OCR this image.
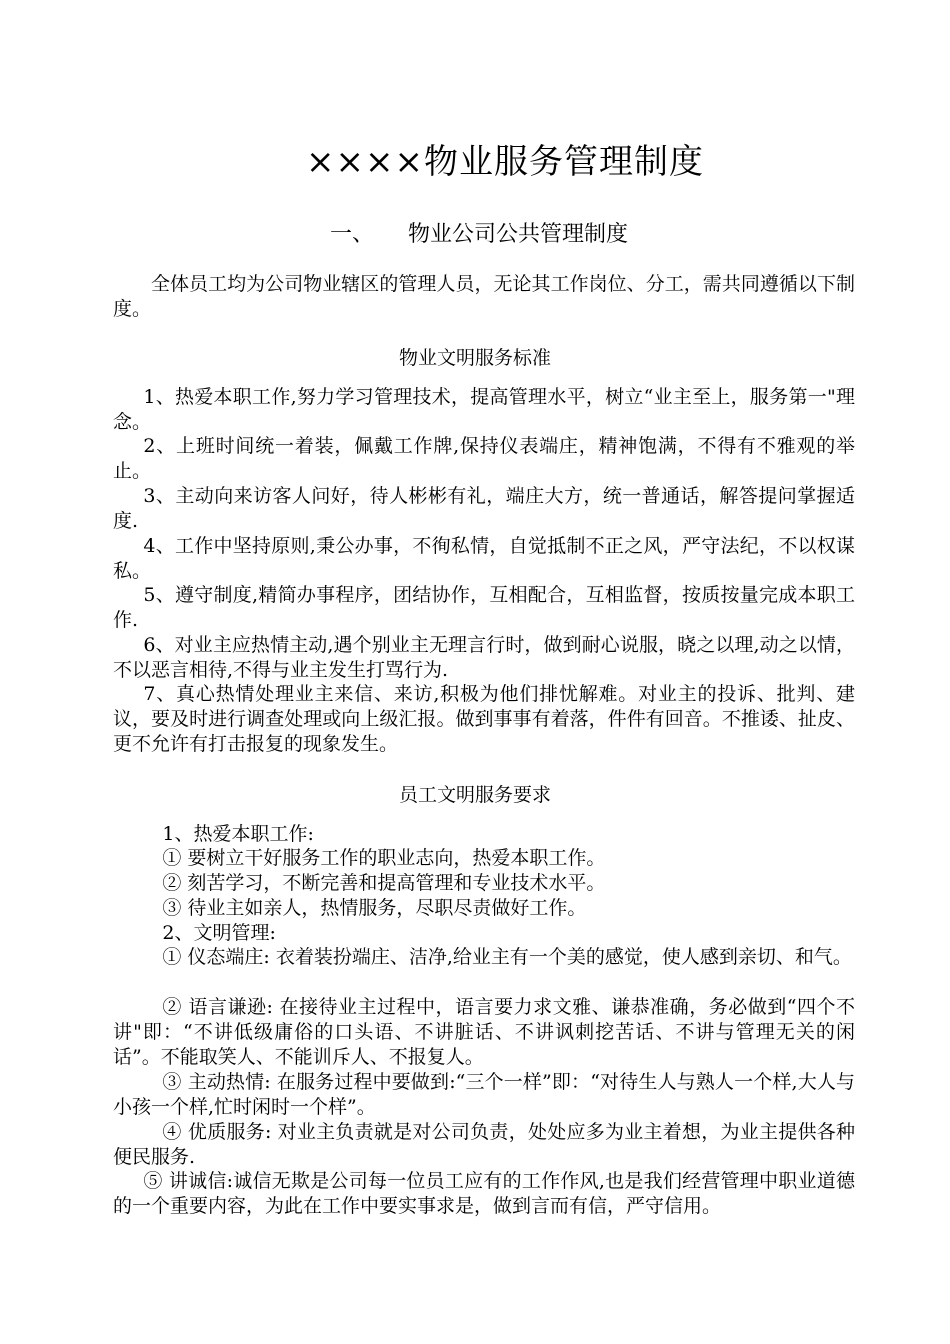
××××物业服务管理制度
一、 物业公司公共管理制度

全体员工均为公司物业辖区的管理人员，无论其工作岗位、分工，需共同遵循以下制度。

物业文明服务标准

1、热爱本职工作,努力学习管理技术，提高管理水平，树立“业主至上，服务第一"理念。

2、上班时间统一着装，佩戴工作牌,保持仪表端庄，精神饱满，不得有不雅观的举止。

3、主动向来访客人问好，待人彬彬有礼，端庄大方，统一普通话，解答提问掌握适度.

4、工作中坚持原则,秉公办事，不徇私情，自觉抵制不正之风，严守法纪，不以权谋私。

5、遵守制度,精简办事程序，团结协作，互相配合，互相监督，按质按量完成本职工作.

6、对业主应热情主动,遇个别业主无理言行时，做到耐心说服，晓之以理,动之以情，不以恶言相待,不得与业主发生打骂行为.

7、真心热情处理业主来信、来访,积极为他们排忧解难。对业主的投诉、批判、建议，要及时进行调查处理或向上级汇报。做到事事有着落，件件有回音。不推诿、扯皮、更不允许有打击报复的现象发生。

员工文明服务要求

1、热爱本职工作:

① 要树立干好服务工作的职业志向，热爱本职工作。

② 刻苦学习，不断完善和提高管理和专业技术水平。

③ 待业主如亲人，热情服务，尽职尽责做好工作。

2、文明管理:

① 仪态端庄: 衣着装扮端庄、洁净,给业主有一个美的感觉，使人感到亲切、和气。

② 语言谦逊: 在接待业主过程中，语言要力求文雅、谦恭准确，务必做到“四个不讲"即：“不讲低级庸俗的口头语、不讲脏话、不讲讽刺挖苦话、不讲与管理无关的闲话”。不能取笑人、不能训斥人、不报复人。

③ 主动热情: 在服务过程中要做到:“三个一样”即：“对待生人与熟人一个样,大人与小孩一个样,忙时闲时一个样”。

④ 优质服务: 对业主负责就是对公司负责，处处应多为业主着想，为业主提供各种便民服务.

⑤ 讲诚信:诚信无欺是公司每一位员工应有的工作作风,也是我们经营管理中职业道德的一个重要内容，为此在工作中要实事求是，做到言而有信，严守信用。
